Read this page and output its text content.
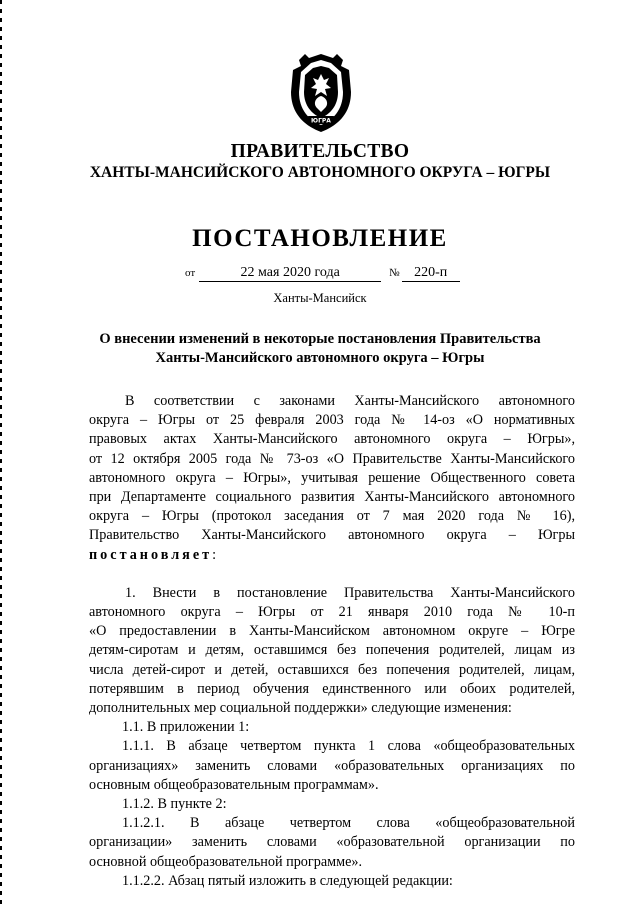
ЮГРА
ПРАВИТЕЛЬСТВО
ХАНТЫ-МАНСИЙСКОГО АВТОНОМНОГО ОКРУГА – ЮГРЫ
ПОСТАНОВЛЕНИЕ
от	22 мая 2020 года	№ 220-п
Ханты-Мансийск
О внесении изменений в некоторые постановления Правительства
Ханты-Мансийского автономного округа – Югры

В соответствии с законами Ханты-Мансийского автономного

округа – Югры от 25 февраля 2003 года № 14-оз «О нормативных

правовых актах Ханты-Мансийского автономного округа – Югры»,

от 12 октября 2005 года № 73-оз «О Правительстве Ханты-Мансийского

автономного округа – Югры», учитывая решение Общественного совета

при Департаменте социального развития Ханты-Мансийского автономного

округа – Югры (протокол заседания от 7 мая 2020 года № 16),

Правительство Ханты-Мансийского автономного округа – Югры

постановляет:

1. Внести в постановление Правительства Ханты-Мансийского

автономного округа – Югры от 21 января 2010 года № 10-п

«О предоставлении в Ханты-Мансийском автономном округе – Югре

детям-сиротам и детям, оставшимся без попечения родителей, лицам из

числа детей-сирот и детей, оставшихся без попечения родителей, лицам,

потерявшим в период обучения единственного или обоих родителей,

дополнительных мер социальной поддержки» следующие изменения:

1.1. В приложении 1:

1.1.1. В абзаце четвертом пункта 1 слова «общеобразовательных

организациях» заменить словами «образовательных организациях по

основным общеобразовательным программам».

1.1.2. В пункте 2:

1.1.2.1. В абзаце четвертом слова «общеобразовательной

организации» заменить словами «образовательной организации по

основной общеобразовательной программе».

1.1.2.2. Абзац пятый изложить в следующей редакции:
